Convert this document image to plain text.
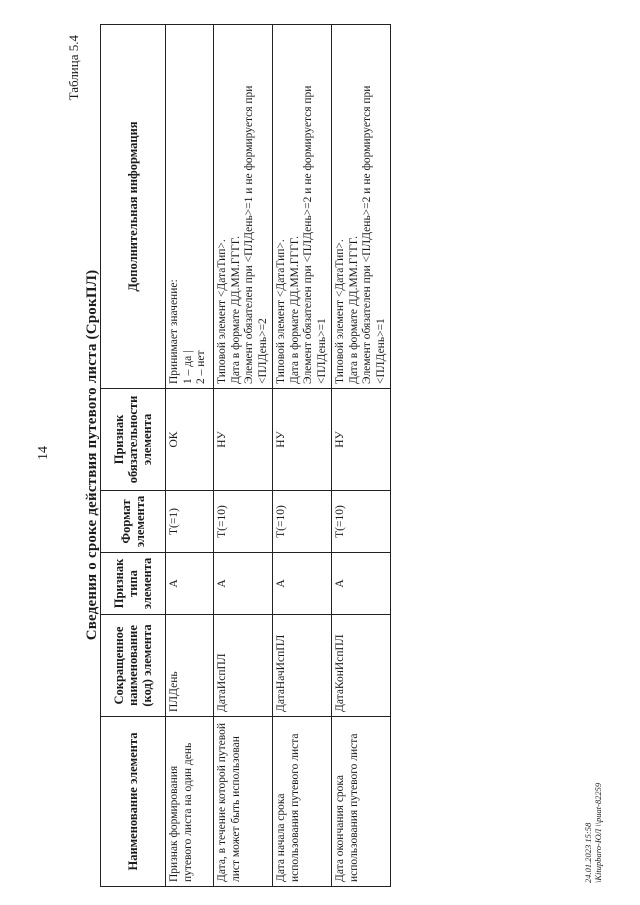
14
Таблица 5.4
Сведения о сроке действия путевого листа (СрокПЛ)
Наименование элемента	Сокращенное наименование (код) элемента	Признак типа элемента	Формат элемента	Признак обязательности элемента	Дополнительная информация
Признак формирования путевого листа на один день	ПЛДень	А	Т(=1)	ОК	Принимает значение: 1 – да | 2 – нет

Дата, в течение которой путевой лист может быть использован	ДатаИспПЛ	А	Т(=10)	НУ	Типовой элемент <ДатаТип>. Дата в формате ДД.ММ.ГГГГ. Элемент обязателен при <ПЛДень>=1 и не формируется при <ПЛДень>=2

Дата начала срока использования путевого листа	ДатаНачИспПЛ	А	Т(=10)	НУ	Типовой элемент <ДатаТип>. Дата в формате ДД.ММ.ГГГГ. Элемент обязателен при <ПЛДень>=2 и не формируется при <ПЛДень>=1

Дата окончания срока использования путевого листа	ДатаКонИспПЛ	А	Т(=10)	НУ	Типовой элемент <ДатаТип>. Дата в формате ДД.ММ.ГГГГ. Элемент обязателен при <ПЛДень>=2 и не формируется при <ПЛДень>=1
24.01.2023 15:58 \Kitupbaro-ЮЛ \\puat-82259
